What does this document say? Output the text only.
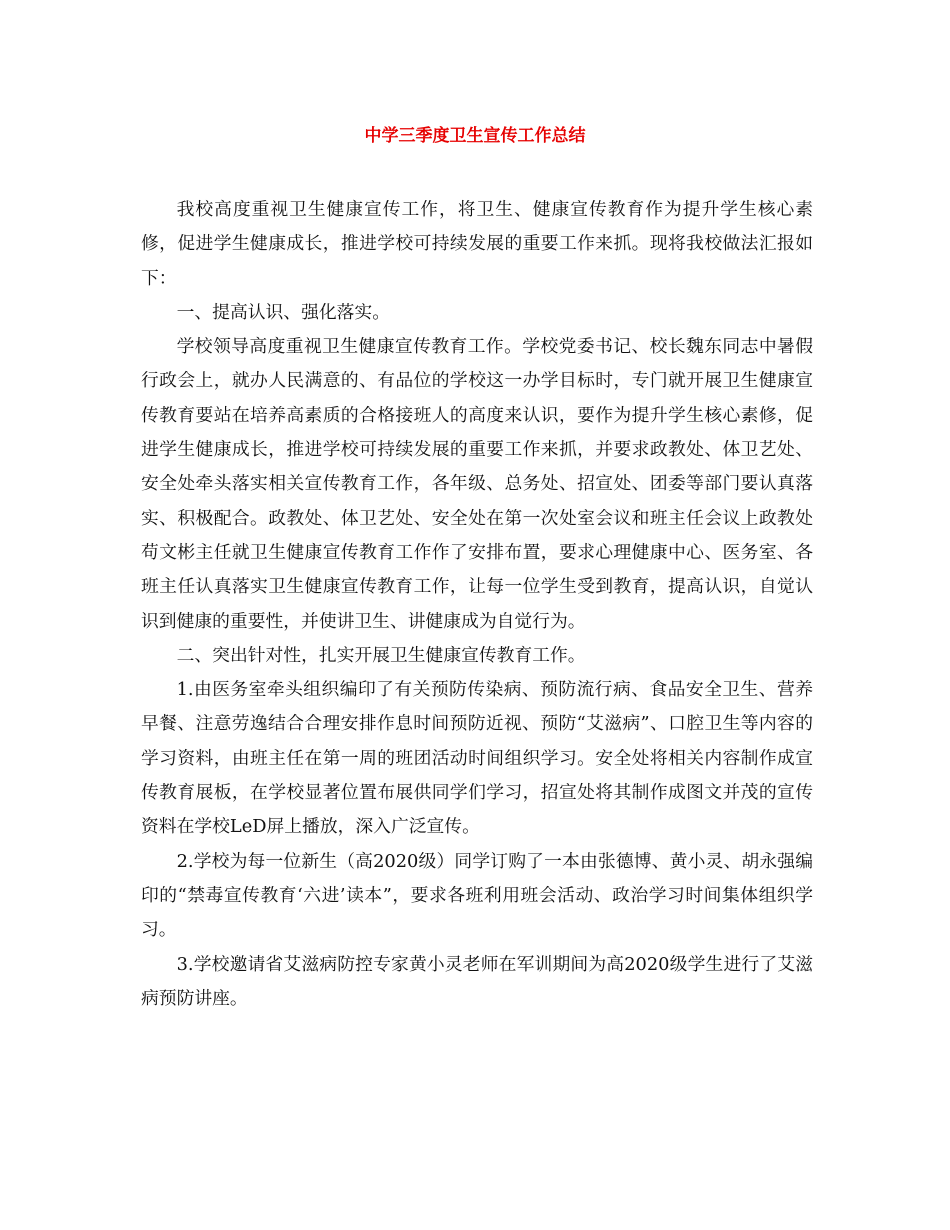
中学三季度卫生宣传工作总结

我校高度重视卫生健康宣传工作，将卫生、健康宣传教育作为提升学生核心素修，促进学生健康成长，推进学校可持续发展的重要工作来抓。现将我校做法汇报如下：

一、提高认识、强化落实。

学校领导高度重视卫生健康宣传教育工作。学校党委书记、校长魏东同志中暑假行政会上，就办人民满意的、有品位的学校这一办学目标时，专门就开展卫生健康宣传教育要站在培养高素质的合格接班人的高度来认识，要作为提升学生核心素修，促进学生健康成长，推进学校可持续发展的重要工作来抓，并要求政教处、体卫艺处、安全处牵头落实相关宣传教育工作，各年级、总务处、招宣处、团委等部门要认真落实、积极配合。政教处、体卫艺处、安全处在第一次处室会议和班主任会议上政教处苟文彬主任就卫生健康宣传教育工作作了安排布置，要求心理健康中心、医务室、各班主任认真落实卫生健康宣传教育工作，让每一位学生受到教育，提高认识，自觉认识到健康的重要性，并使讲卫生、讲健康成为自觉行为。

二、突出针对性，扎实开展卫生健康宣传教育工作。

1.由医务室牵头组织编印了有关预防传染病、预防流行病、食品安全卫生、营养早餐、注意劳逸结合合理安排作息时间预防近视、预防“艾滋病”、口腔卫生等内容的学习资料，由班主任在第一周的班团活动时间组织学习。安全处将相关内容制作成宣传教育展板，在学校显著位置布展供同学们学习，招宣处将其制作成图文并茂的宣传资料在学校LeD屏上播放，深入广泛宣传。

2.学校为每一位新生（高2020级）同学订购了一本由张德博、黄小灵、胡永强编印的“禁毒宣传教育‘六进’读本”，要求各班利用班会活动、政治学习时间集体组织学习。

3.学校邀请省艾滋病防控专家黄小灵老师在军训期间为高2020级学生进行了艾滋病预防讲座。
